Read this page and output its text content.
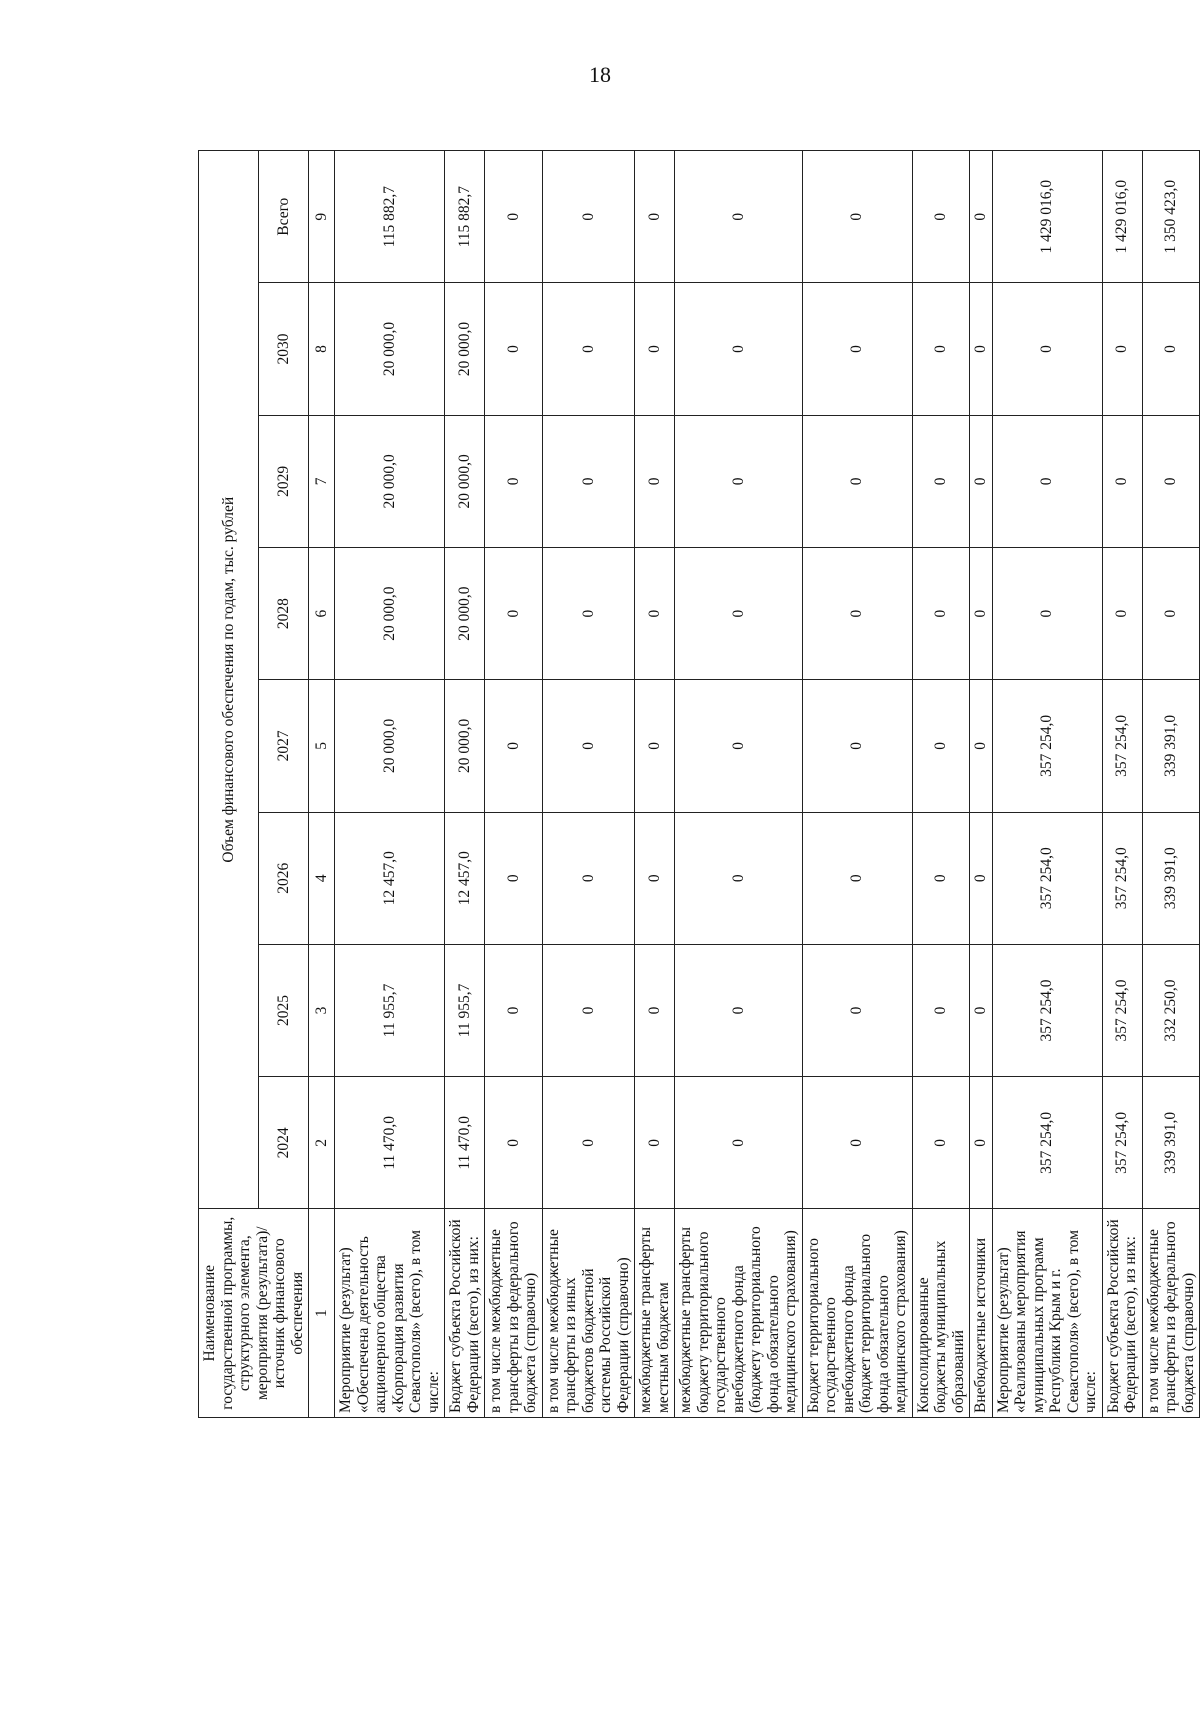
18
Наименование государственной программы, структурного элемента, мероприятия (результата)/источник финансового обеспечения	Объем финансового обеспечения по годам, тыс. рублей							
	2024	2025	2026	2027	2028	2029	2030	Всего
1	2	3	4	5	6	7	8	9
Мероприятие (результат) «Обеспечена деятельность акционерного общества «Корпорация развития Севастополя» (всего), в том числе:	11 470,0	11 955,7	12 457,0	20 000,0	20 000,0	20 000,0	20 000,0	115 882,7
Бюджет субъекта Российской Федерации (всего), из них:	11 470,0	11 955,7	12 457,0	20 000,0	20 000,0	20 000,0	20 000,0	115 882,7
в том числе межбюджетные трансферты из федерального бюджета (справочно)	0	0	0	0	0	0	0	0
в том числе межбюджетные трансферты из иных бюджетов бюджетной системы Российской Федерации (справочно)	0	0	0	0	0	0	0	0
межбюджетные трансферты местным бюджетам	0	0	0	0	0	0	0	0
межбюджетные трансферты бюджету территориального государственного внебюджетного фонда (бюджету территориального фонда обязательного медицинского страхования)	0	0	0	0	0	0	0	0
Бюджет территориального государственного внебюджетного фонда (бюджет территориального фонда обязательного медицинского страхования)	0	0	0	0	0	0	0	0
Консолидированные бюджеты муниципальных образований	0	0	0	0	0	0	0	0
Внебюджетные источники	0	0	0	0	0	0	0	0
Мероприятие (результат) «Реализованы мероприятия муниципальных программ Республики Крым и г. Севастополя» (всего), в том числе:	357 254,0	357 254,0	357 254,0	357 254,0	0	0	0	1 429 016,0
Бюджет субъекта Российской Федерации (всего), из них:	357 254,0	357 254,0	357 254,0	357 254,0	0	0	0	1 429 016,0
в том числе межбюджетные трансферты из федерального бюджета (справочно)	339 391,0	332 250,0	339 391,0	339 391,0	0	0	0	1 350 423,0
